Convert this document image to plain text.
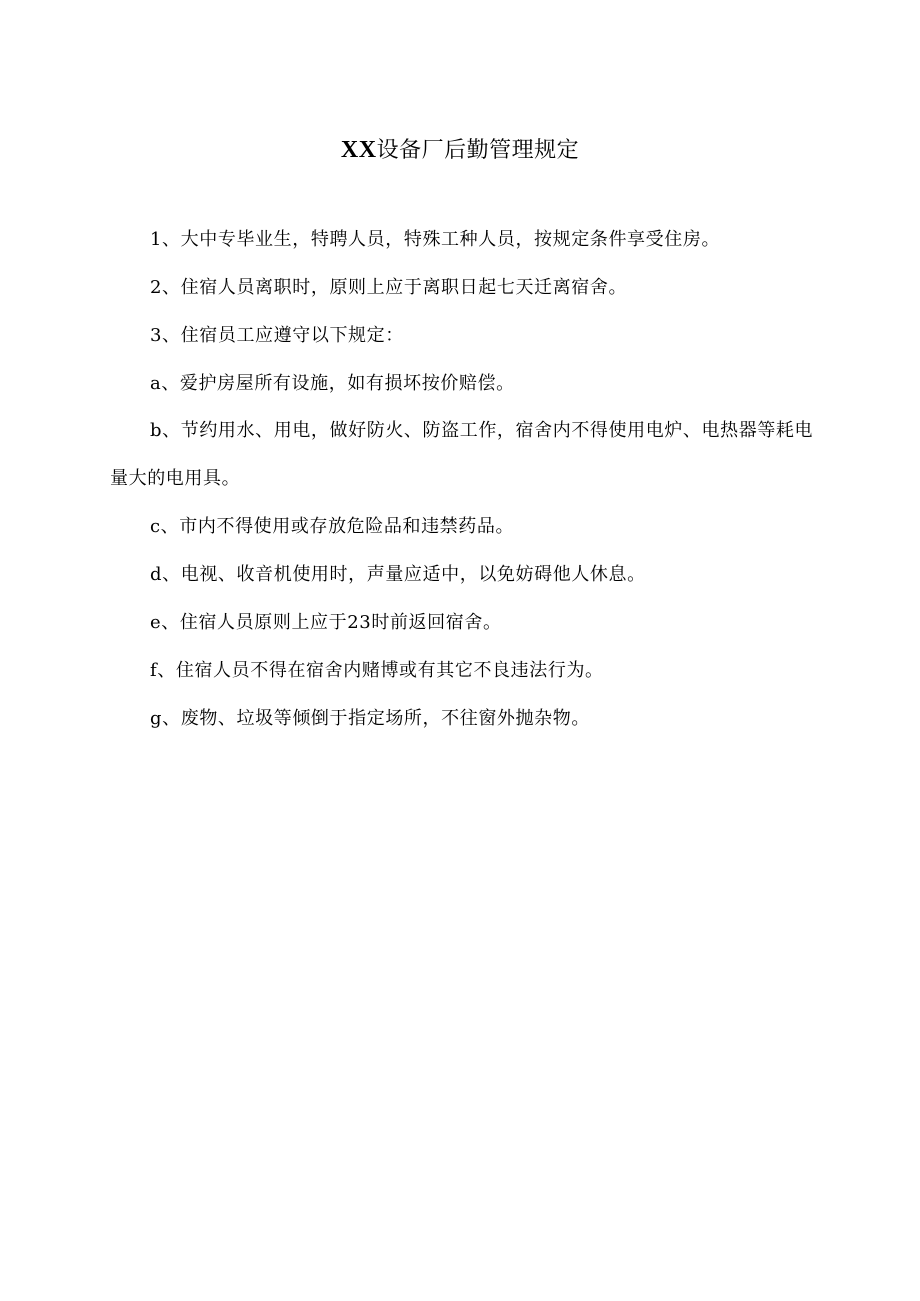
XX设备厂后勤管理规定

1、大中专毕业生，特聘人员，特殊工种人员，按规定条件享受住房。

2、住宿人员离职时，原则上应于离职日起七天迁离宿舍。

3、住宿员工应遵守以下规定：

a、爱护房屋所有设施，如有损坏按价赔偿。

b、节约用水、用电，做好防火、防盗工作，宿舍内不得使用电炉、电热器等耗电量大的电用具。

c、市内不得使用或存放危险品和违禁药品。

d、电视、收音机使用时，声量应适中，以免妨碍他人休息。

e、住宿人员原则上应于23时前返回宿舍。

f、住宿人员不得在宿舍内赌博或有其它不良违法行为。

g、废物、垃圾等倾倒于指定场所，不往窗外抛杂物。
